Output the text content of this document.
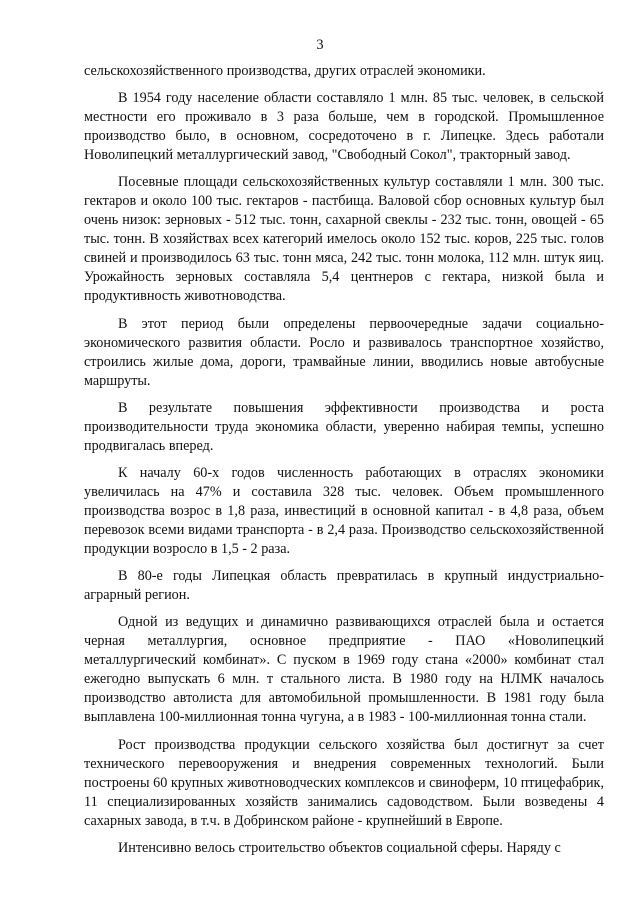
3

сельскохозяйственного производства, других отраслей экономики.

В 1954 году население области составляло 1 млн. 85 тыс. человек, в сельской местности его проживало в 3 раза больше, чем в городской. Промышленное производство было, в основном, сосредоточено в г. Липецке. Здесь работали Новолипецкий металлургический завод, "Свободный Сокол", тракторный завод.

Посевные площади сельскохозяйственных культур составляли 1 млн. 300 тыс. гектаров и около 100 тыс. гектаров - пастбища. Валовой сбор основных культур был очень низок: зерновых - 512 тыс. тонн, сахарной свеклы - 232 тыс. тонн, овощей - 65 тыс. тонн. В хозяйствах всех категорий имелось около 152 тыс. коров, 225 тыс. голов свиней и производилось 63 тыс. тонн мяса, 242 тыс. тонн молока, 112 млн. штук яиц. Урожайность зерновых составляла 5,4 центнеров с гектара, низкой была и продуктивность животноводства.

В этот период были определены первоочередные задачи социально-экономического развития области. Росло и развивалось транспортное хозяйство, строились жилые дома, дороги, трамвайные линии, вводились новые автобусные маршруты.

В результате повышения эффективности производства и роста производительности труда экономика области, уверенно набирая темпы, успешно продвигалась вперед.

К началу 60-х годов численность работающих в отраслях экономики увеличилась на 47% и составила 328 тыс. человек. Объем промышленного производства возрос в 1,8 раза, инвестиций в основной капитал - в 4,8 раза, объем перевозок всеми видами транспорта - в 2,4 раза. Производство сельскохозяйственной продукции возросло в 1,5 - 2 раза.

В 80-е годы Липецкая область превратилась в крупный индустриально-аграрный регион.

Одной из ведущих и динамично развивающихся отраслей была и остается черная металлургия, основное предприятие - ПАО «Новолипецкий металлургический комбинат». С пуском в 1969 году стана «2000» комбинат стал ежегодно выпускать 6 млн. т стального листа. В 1980 году на НЛМК началось производство автолиста для автомобильной промышленности. В 1981 году была выплавлена 100-миллионная тонна чугуна, а в 1983 - 100-миллионная тонна стали.

Рост производства продукции сельского хозяйства был достигнут за счет технического перевооружения и внедрения современных технологий. Были построены 60 крупных животноводческих комплексов и свиноферм, 10 птицефабрик, 11 специализированных хозяйств занимались садоводством. Были возведены 4 сахарных завода, в т.ч. в Добринском районе - крупнейший в Европе.

Интенсивно велось строительство объектов социальной сферы. Наряду с
